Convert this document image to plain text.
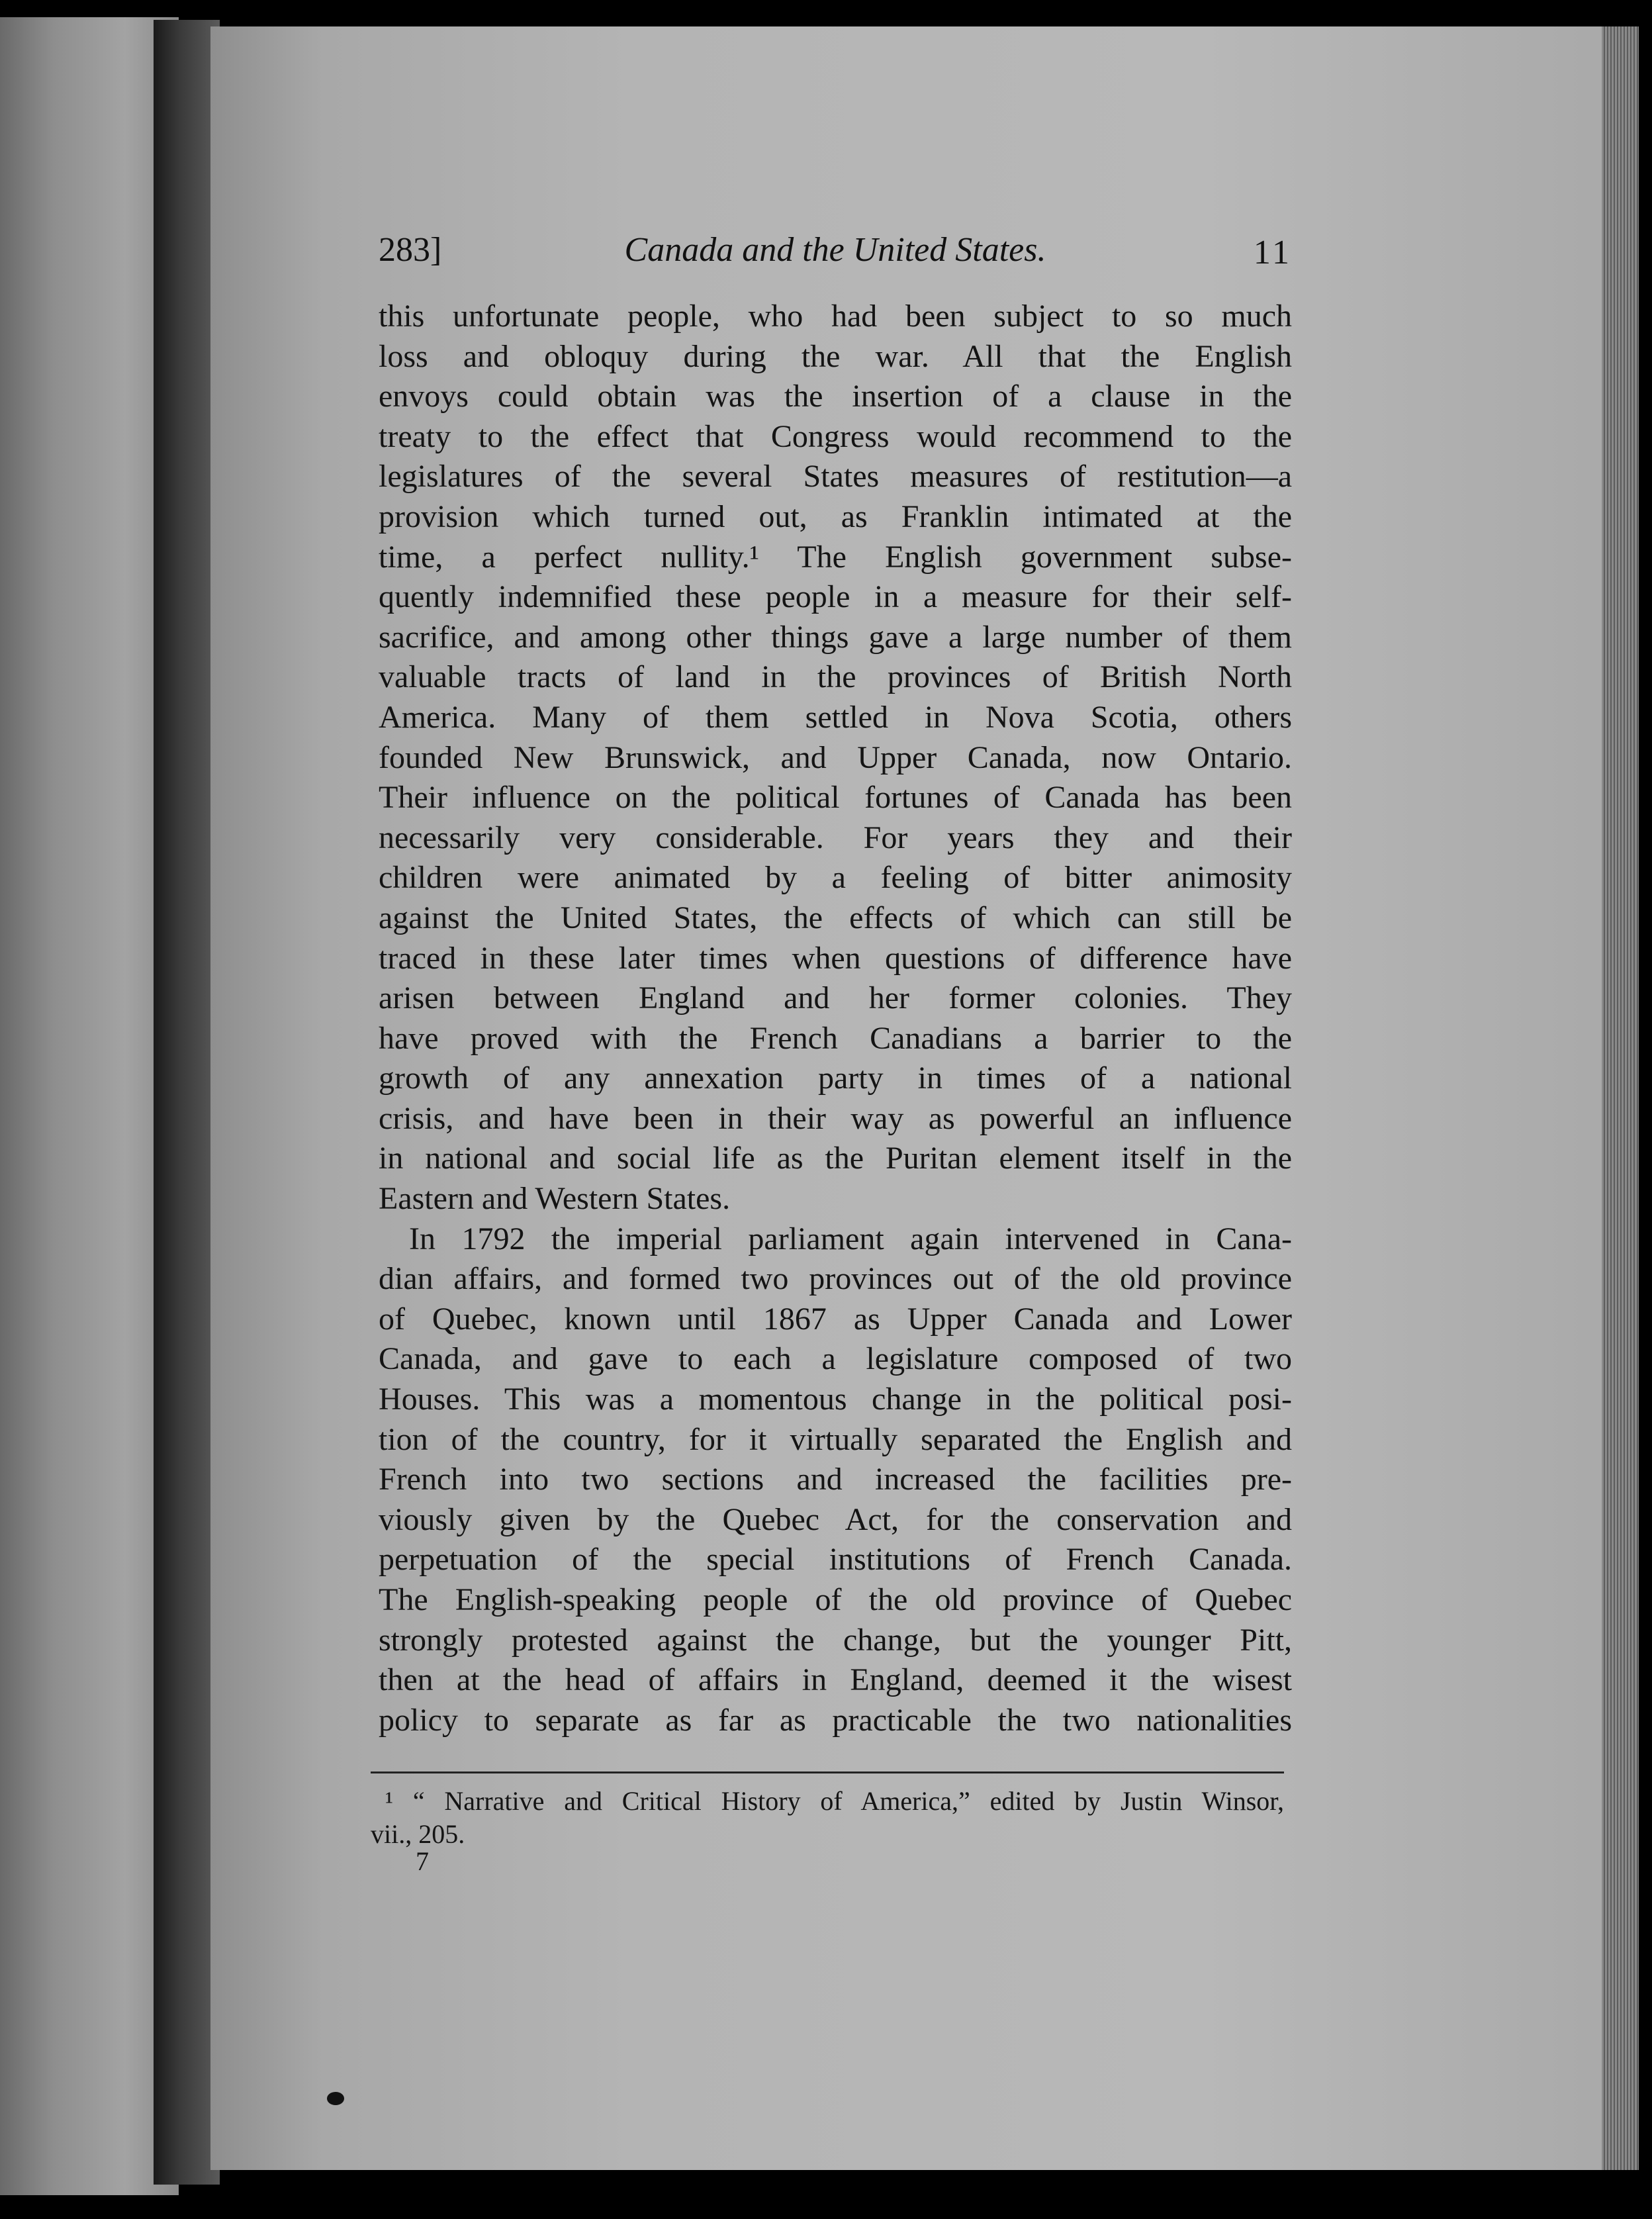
283]	Canada and the United States.	11
this unfortunate people, who had been subject to so much
loss and obloquy during the war. All that the English
envoys could obtain was the insertion of a clause in the
treaty to the effect that Congress would recommend to the
legislatures of the several States measures of restitution—a
provision which turned out, as Franklin intimated at the
time, a perfect nullity.¹ The English government subse-
quently indemnified these people in a measure for their self-
sacrifice, and among other things gave a large number of them
valuable tracts of land in the provinces of British North
America. Many of them settled in Nova Scotia, others
founded New Brunswick, and Upper Canada, now Ontario.
Their influence on the political fortunes of Canada has been
necessarily very considerable. For years they and their
children were animated by a feeling of bitter animosity
against the United States, the effects of which can still be
traced in these later times when questions of difference have
arisen between England and her former colonies. They
have proved with the French Canadians a barrier to the
growth of any annexation party in times of a national
crisis, and have been in their way as powerful an influence
in national and social life as the Puritan element itself in the
Eastern and Western States.
In 1792 the imperial parliament again intervened in Cana-
dian affairs, and formed two provinces out of the old province
of Quebec, known until 1867 as Upper Canada and Lower
Canada, and gave to each a legislature composed of two
Houses. This was a momentous change in the political posi-
tion of the country, for it virtually separated the English and
French into two sections and increased the facilities pre-
viously given by the Quebec Act, for the conservation and
perpetuation of the special institutions of French Canada.
The English-speaking people of the old province of Quebec
strongly protested against the change, but the younger Pitt,
then at the head of affairs in England, deemed it the wisest
policy to separate as far as practicable the two nationalities
¹ “ Narrative and Critical History of America,” edited by Justin Winsor,
vii., 205.
7
